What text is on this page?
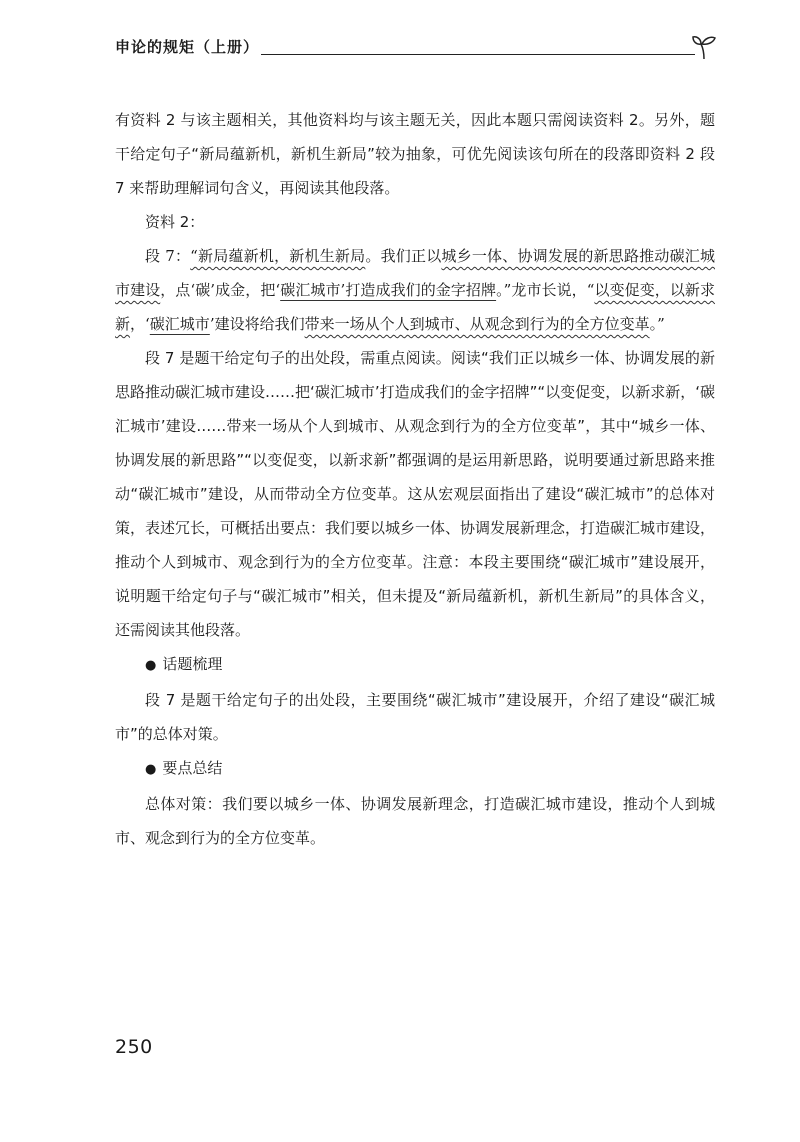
申论的规矩（上册）

有资料 2 与该主题相关，其他资料均与该主题无关，因此本题只需阅读资料 2。另外，题干给定句子“新局蕴新机，新机生新局”较为抽象，可优先阅读该句所在的段落即资料 2 段 7 来帮助理解词句含义，再阅读其他段落。

资料 2：

段 7：“新局蕴新机，新机生新局。我们正以城乡一体、协调发展的新思路推动碳汇城市建设，点‘碳’成金，把‘碳汇城市’打造成我们的金字招牌。”龙市长说，“以变促变，以新求新，‘碳汇城市’建设将给我们带来一场从个人到城市、从观念到行为的全方位变革。”

段 7 是题干给定句子的出处段，需重点阅读。阅读“我们正以城乡一体、协调发展的新思路推动碳汇城市建设……把‘碳汇城市’打造成我们的金字招牌”“以变促变，以新求新，‘碳汇城市’建设……带来一场从个人到城市、从观念到行为的全方位变革”，其中“城乡一体、协调发展的新思路”“以变促变，以新求新”都强调的是运用新思路，说明要通过新思路来推动“碳汇城市”建设，从而带动全方位变革。这从宏观层面指出了建设“碳汇城市”的总体对策，表述冗长，可概括出要点：我们要以城乡一体、协调发展新理念，打造碳汇城市建设，推动个人到城市、观念到行为的全方位变革。注意：本段主要围绕“碳汇城市”建设展开，说明题干给定句子与“碳汇城市”相关，但未提及“新局蕴新机，新机生新局”的具体含义，还需阅读其他段落。

● 话题梳理

段 7 是题干给定句子的出处段，主要围绕“碳汇城市”建设展开，介绍了建设“碳汇城市”的总体对策。

● 要点总结

总体对策：我们要以城乡一体、协调发展新理念，打造碳汇城市建设，推动个人到城市、观念到行为的全方位变革。

250
